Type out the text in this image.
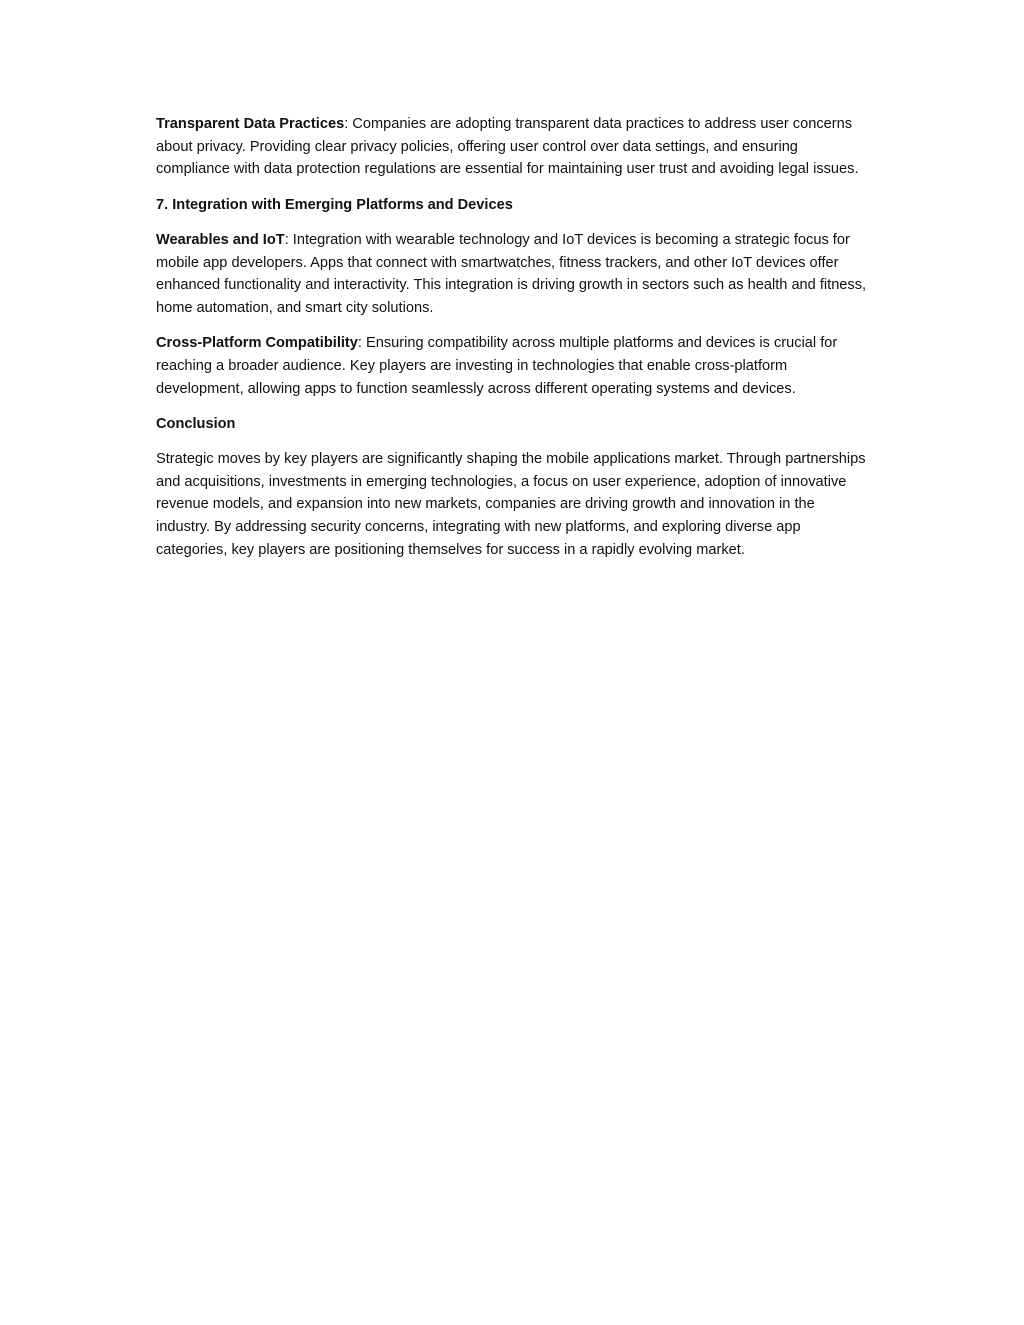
Transparent Data Practices: Companies are adopting transparent data practices to address user concerns about privacy. Providing clear privacy policies, offering user control over data settings, and ensuring compliance with data protection regulations are essential for maintaining user trust and avoiding legal issues.

7. Integration with Emerging Platforms and Devices

Wearables and IoT: Integration with wearable technology and IoT devices is becoming a strategic focus for mobile app developers. Apps that connect with smartwatches, fitness trackers, and other IoT devices offer enhanced functionality and interactivity. This integration is driving growth in sectors such as health and fitness, home automation, and smart city solutions.

Cross-Platform Compatibility: Ensuring compatibility across multiple platforms and devices is crucial for reaching a broader audience. Key players are investing in technologies that enable cross-platform development, allowing apps to function seamlessly across different operating systems and devices.

Conclusion

Strategic moves by key players are significantly shaping the mobile applications market. Through partnerships and acquisitions, investments in emerging technologies, a focus on user experience, adoption of innovative revenue models, and expansion into new markets, companies are driving growth and innovation in the industry. By addressing security concerns, integrating with new platforms, and exploring diverse app categories, key players are positioning themselves for success in a rapidly evolving market.
